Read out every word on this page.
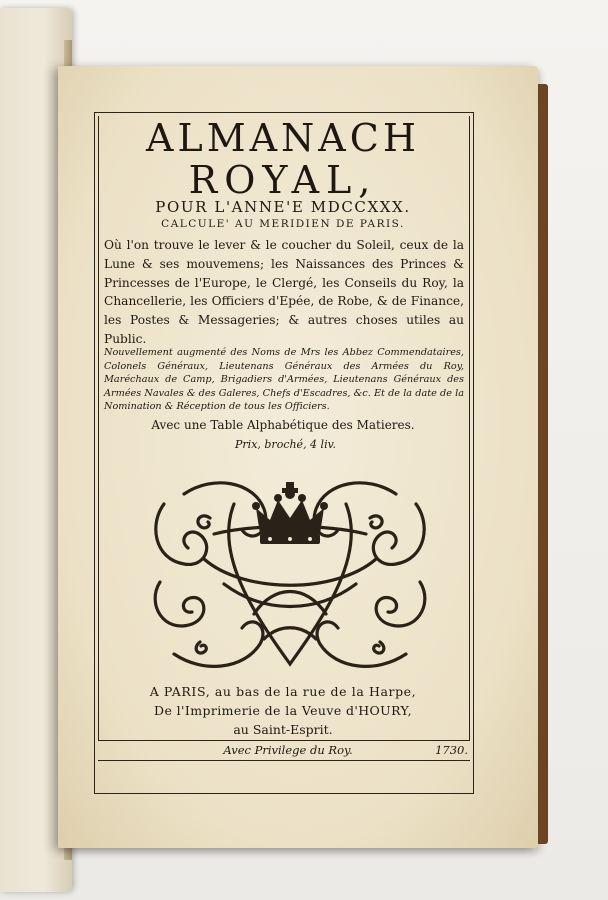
ALMANACH
ROYAL,
POUR L'ANNE'E MDCCXXX.
CALCULE' AU MERIDIEN DE PARIS.
Où l'on trouve le lever & le coucher du Soleil, ceux de la Lune & ses mouvemens; les Naissances des Princes & Princesses de l'Europe, le Clergé, les Conseils du Roy, la Chancellerie, les Officiers d'Epée, de Robe, & de Finance, les Postes & Messageries; & autres choses utiles au Public.
Nouvellement augmenté des Noms de Mrs les Abbez Commendataires, Colonels Généraux, Lieutenans Généraux des Armées du Roy, Maréchaux de Camp, Brigadiers d'Armées, Lieutenans Généraux des Armées Navales & des Galeres, Chefs d'Escadres, &c. Et de la date de la Nomination & Réception de tous les Officiers.
Avec une Table Alphabétique des Matieres.
Prix, broché, 4 liv.
A PARIS, au bas de la rue de la Harpe,
De l'Imprimerie de la Veuve d'HOURY,
au Saint-Esprit.
Avec Privilege du Roy.	1730.
